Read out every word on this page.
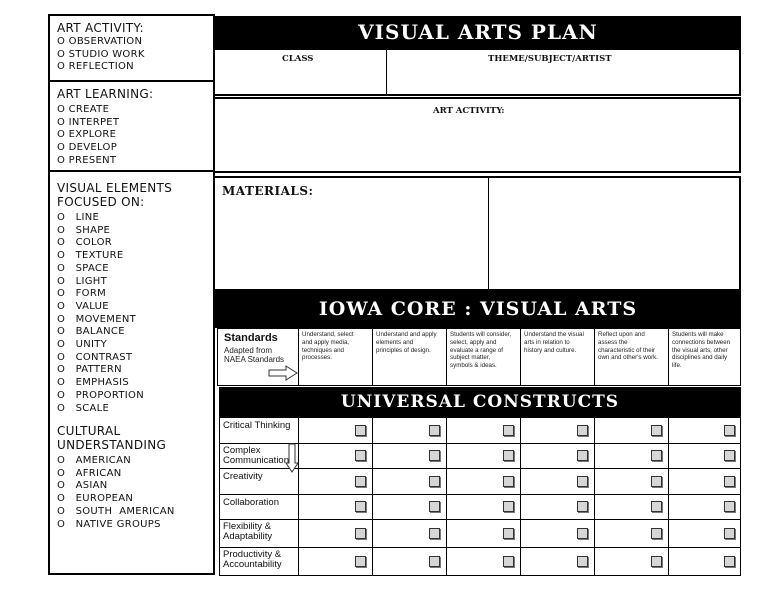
ART ACTIVITY:
O OBSERVATION
O STUDIO WORK
O REFLECTION
ART LEARNING:
O CREATE
O INTERPET
O EXPLORE
O DEVELOP
O PRESENT
VISUAL ELEMENTS
FOCUSED ON:
O   LINE
O   SHAPE
O   COLOR
O   TEXTURE
O   SPACE
O   LIGHT
O   FORM
O   VALUE
O   MOVEMENT
O   BALANCE
O   UNITY
O   CONTRAST
O   PATTERN
O   EMPHASIS
O   PROPORTION
O   SCALE
CULTURAL
UNDERSTANDING
O   AMERICAN
O   AFRICAN
O   ASIAN
O   EUROPEAN
O   SOUTH  AMERICAN
O   NATIVE GROUPS
VISUAL ARTS PLAN
CLASS	THEME/SUBJECT/ARTIST
ART ACTIVITY:
MATERIALS:
IOWA CORE : VISUAL ARTS
Standards
Adapted from
NAEA Standards
Understand, select
and apply media,
techniques and
processes.
Understand and apply
elements and
principles of design.
Students will consider,
select, apply and
evaluate a range of
subject matter,
symbols & ideas.
Understand the visual
arts in relation to
history and culture.
Reflect upon and
assess the
characteristic of their
own and other's work.
Students will make
connections between
the visual arts, other
disciplines and daily
life.
UNIVERSAL CONSTRUCTS
Critical Thinking
Complex
Communication
Creativity
Collaboration
Flexibility &
Adaptability
Productivity &
Accountability
